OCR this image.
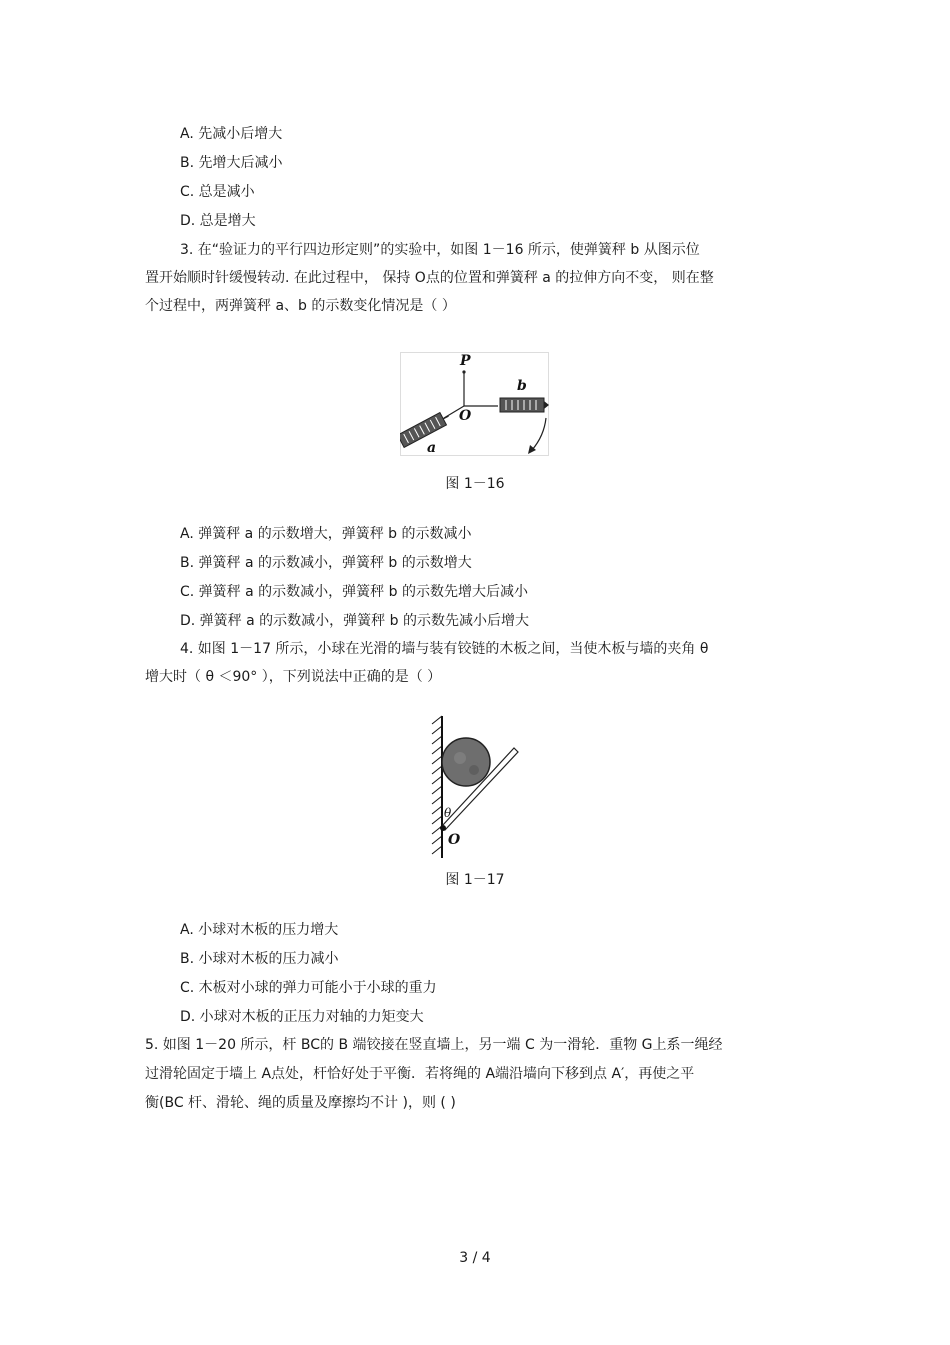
A. 先减小后增大
B. 先增大后减小
C. 总是减小
D. 总是增大
3. 在“验证力的平行四边形定则”的实验中，如图 1－16 所示，使弹簧秤 b 从图示位
置开始顺时针缓慢转动. 在此过程中， 保持 O点的位置和弹簧秤 a 的拉伸方向不变， 则在整
个过程中，两弹簧秤 a、b 的示数变化情况是（ ）
P
O
a
b
图 1－16
A. 弹簧秤 a 的示数增大，弹簧秤 b 的示数减小
B. 弹簧秤 a 的示数减小，弹簧秤 b 的示数增大
C. 弹簧秤 a 的示数减小，弹簧秤 b 的示数先增大后减小
D. 弹簧秤 a 的示数减小，弹簧秤 b 的示数先减小后增大
4. 如图 1－17 所示，小球在光滑的墙与装有铰链的木板之间，当使木板与墙的夹角 θ
增大时（ θ ＜90° ），下列说法中正确的是（ ）
θ
O
图 1－17
A. 小球对木板的压力增大
B. 小球对木板的压力减小
C. 木板对小球的弹力可能小于小球的重力
D. 小球对木板的正压力对轴的力矩变大
5. 如图 1－20 所示，杆 BC的 B 端铰接在竖直墙上，另一端 C 为一滑轮．重物 G上系一绳经
过滑轮固定于墙上 A点处，杆恰好处于平衡．若将绳的 A端沿墙向下移到点 A′，再使之平
衡(BC 杆、滑轮、绳的质量及摩擦均不计 )，则 ( )
3 / 4
